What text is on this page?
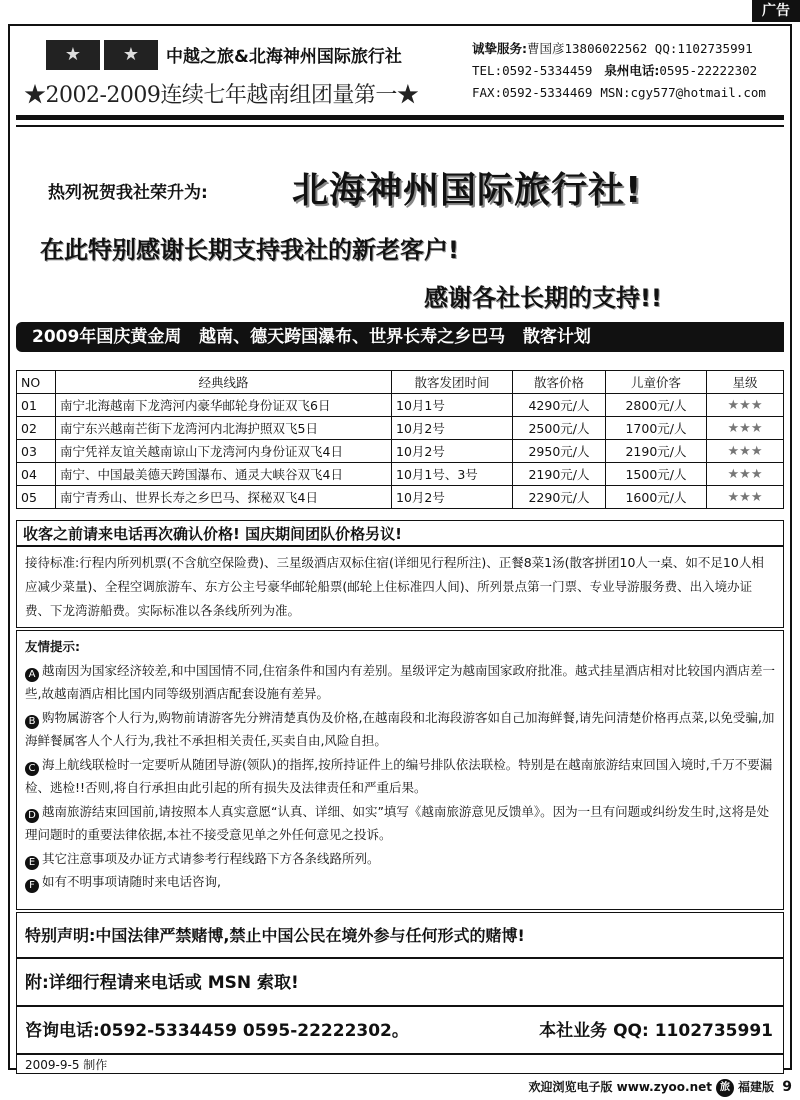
广告
★	★	中越之旅&北海神州国际旅行社
★2002-2009连续七年越南组团量第一★
诚挚服务:曹国彦13806022562 QQ:1102735991
TEL:0592-5334459 泉州电话:0595-22222302
FAX:0592-5334469 MSN:cgy577@hotmail.com
热列祝贺我社荣升为: 北海神州国际旅行社!
在此特别感谢长期支持我社的新老客户!
感谢各社长期的支持!!
2009年国庆黄金周   越南、德天跨国瀑布、世界长寿之乡巴马   散客计划
NO	经典线路	散客发团时间	散客价格	儿童价客	星级
01	南宁北海越南下龙湾河内豪华邮轮身份证双飞6日	10月1号	4290元/人	2800元/人	★★★
02	南宁东兴越南芒街下龙湾河内北海护照双飞5日	10月2号	2500元/人	1700元/人	★★★
03	南宁凭祥友谊关越南谅山下龙湾河内身份证双飞4日	10月2号	2950元/人	2190元/人	★★★
04	南宁、中国最美德天跨国瀑布、通灵大峡谷双飞4日	10月1号、3号	2190元/人	1500元/人	★★★
05	南宁青秀山、世界长寿之乡巴马、探秘双飞4日	10月2号	2290元/人	1600元/人	★★★
收客之前请来电话再次确认价格! 国庆期间团队价格另议!
接待标准:行程内所列机票(不含航空保险费)、三星级酒店双标住宿(详细见行程所注)、正餐8菜1汤(散客拼团10人一桌、如不足10人相应减少菜量)、全程空调旅游车、东方公主号豪华邮轮船票(邮轮上住标准四人间)、所列景点第一门票、专业导游服务费、出入境办证费、下龙湾游船费。实际标准以各条线所列为准。
友情提示:
A 越南因为国家经济较差,和中国国情不同,住宿条件和国内有差别。星级评定为越南国家政府批准。越式挂星酒店相对比较国内酒店差一些,故越南酒店相比国内同等级别酒店配套设施有差异。
B 购物属游客个人行为,购物前请游客先分辨清楚真伪及价格,在越南段和北海段游客如自己加海鲜餐,请先问清楚价格再点菜,以免受骗,加海鲜餐属客人个人行为,我社不承担相关责任,买卖自由,风险自担。
C 海上航线联检时一定要听从随团导游(领队)的指挥,按所持证件上的编号排队依法联检。特别是在越南旅游结束回国入境时,千万不要漏检、逃检!!否则,将自行承担由此引起的所有损失及法律责任和严重后果。
D 越南旅游结束回国前,请按照本人真实意愿“认真、详细、如实”填写《越南旅游意见反馈单》。因为一旦有问题或纠纷发生时,这将是处理问题时的重要法律依据,本社不接受意见单之外任何意见之投诉。
E 其它注意事项及办证方式请参考行程线路下方各条线路所列。
F 如有不明事项请随时来电话咨询,
特别声明:中国法律严禁赌博,禁止中国公民在境外参与任何形式的赌博!
附:详细行程请来电话或 MSN 索取!
咨询电话:0592-5334459 0595-22222302。	本社业务 QQ: 1102735991
2009-9-5 制作
欢迎浏览电子版 www.zyoo.net 旅 福建版 9
